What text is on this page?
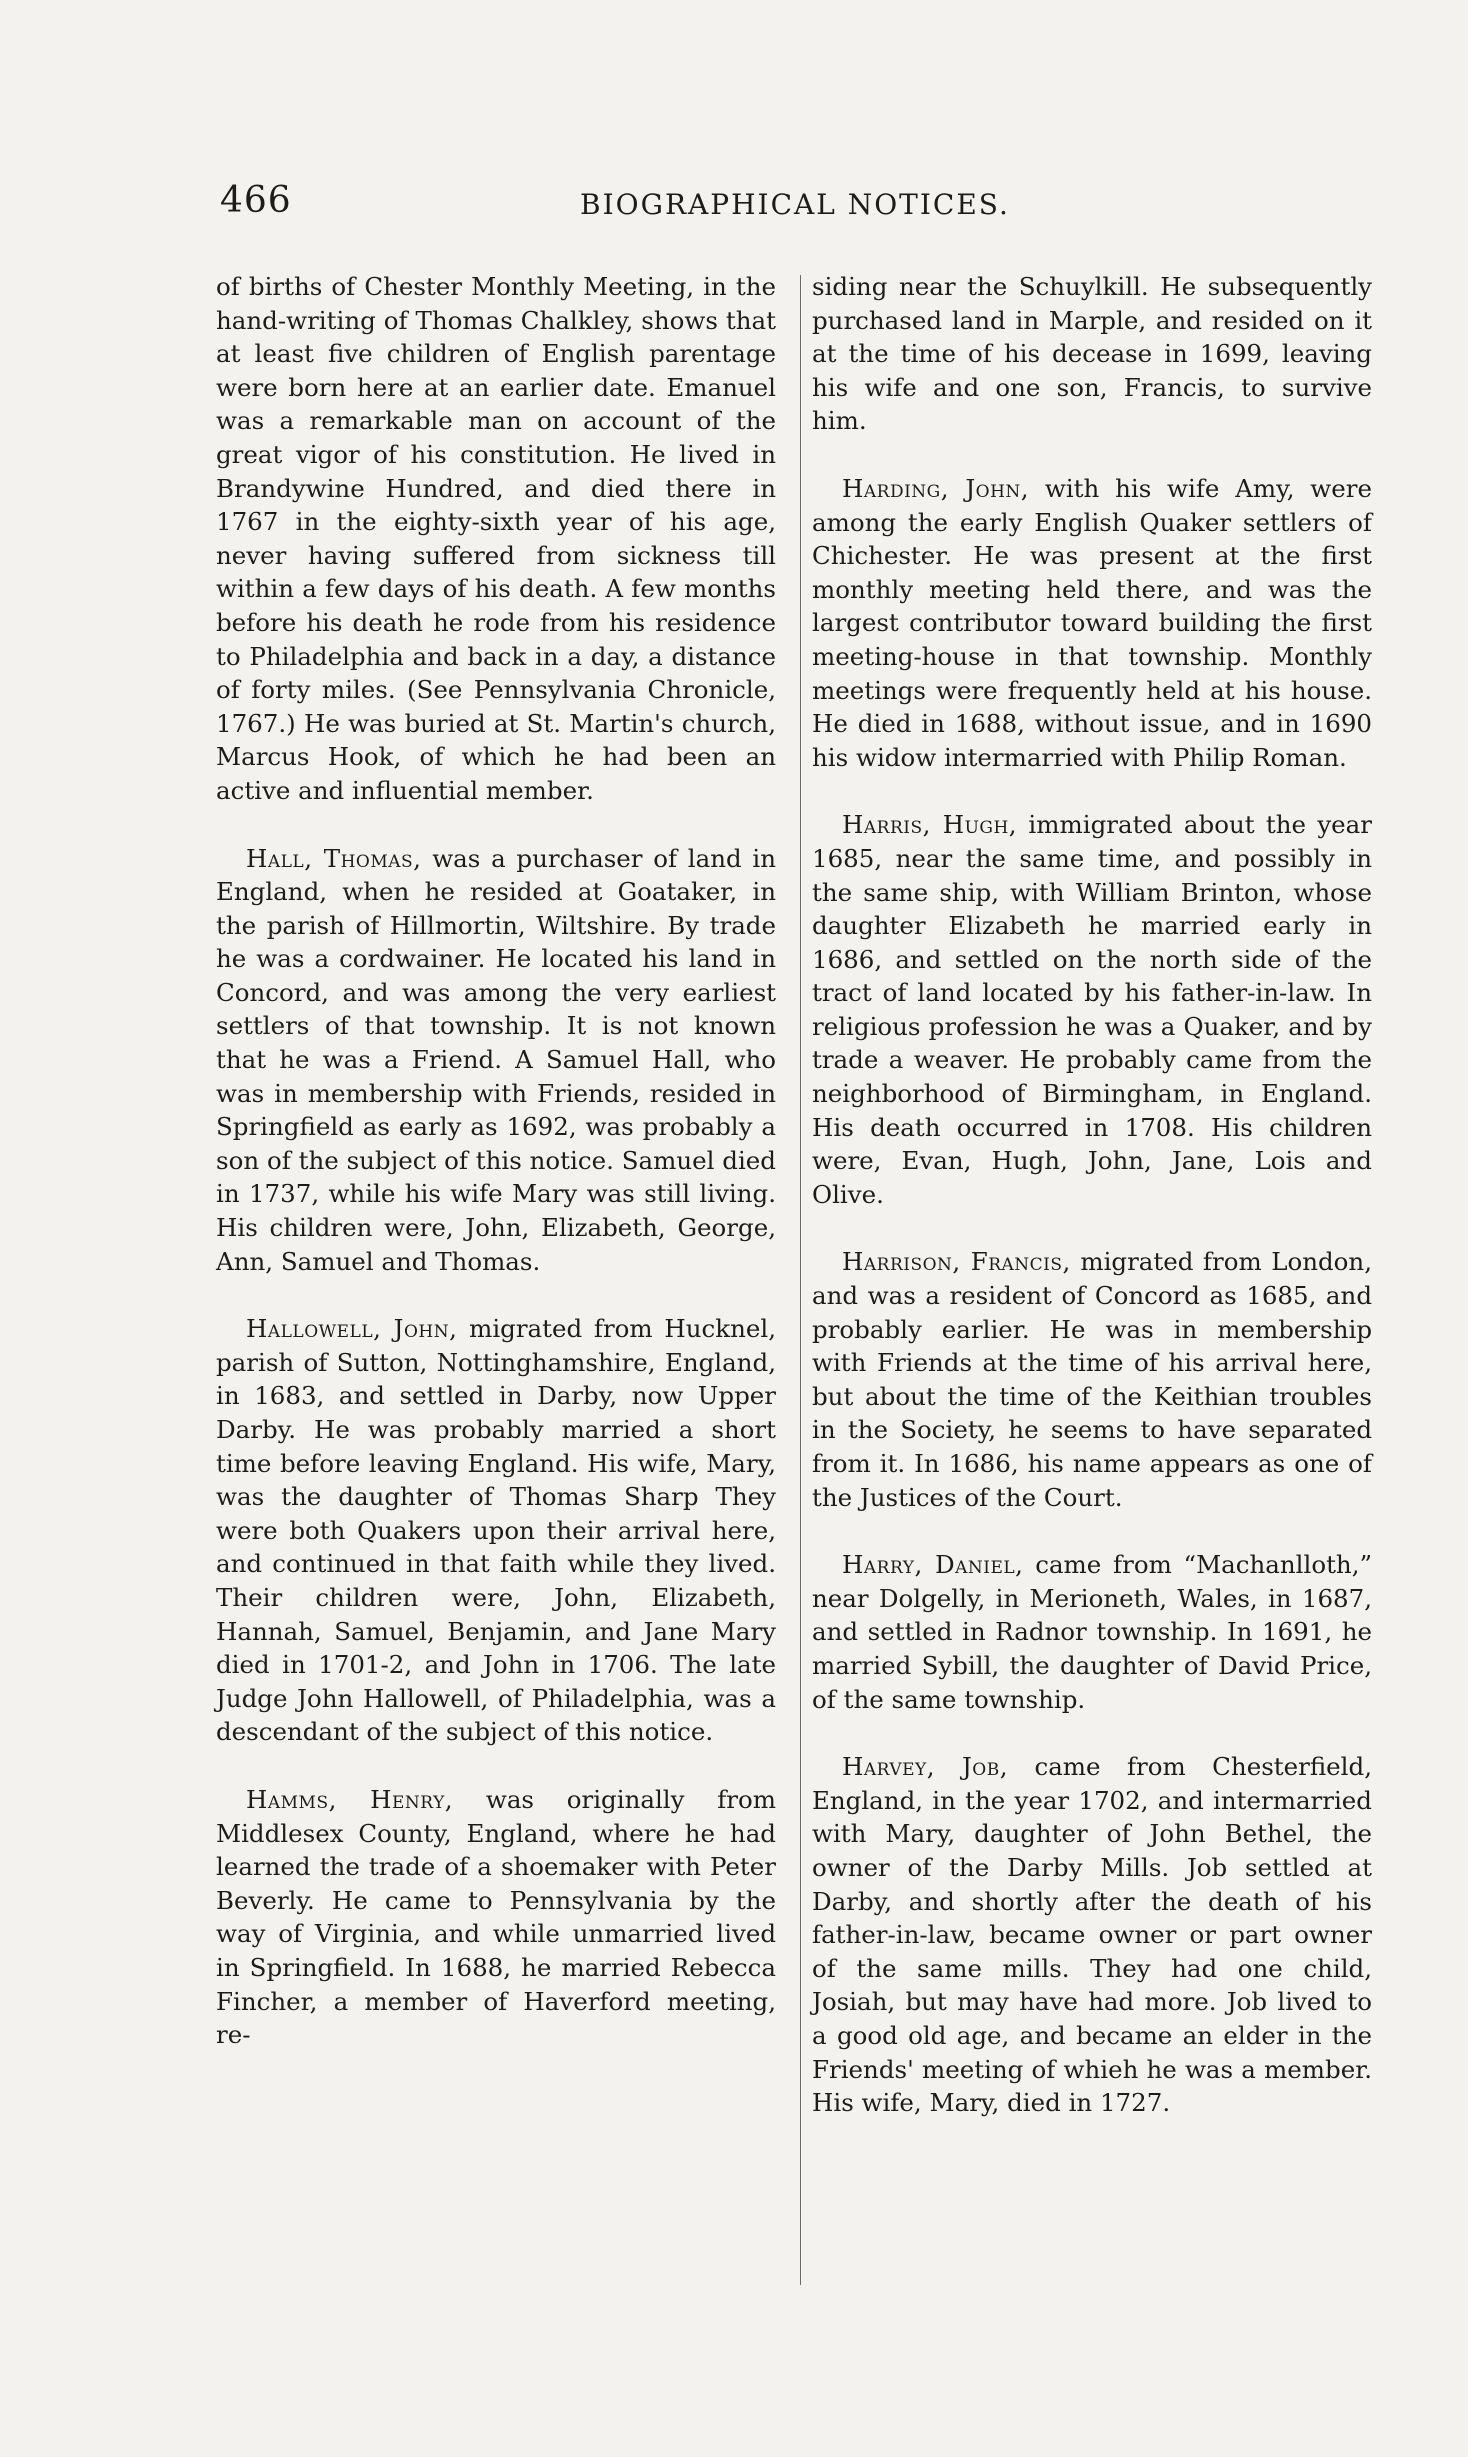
466	BIOGRAPHICAL NOTICES.

of births of Chester Monthly Meeting, in the hand-writing of Thomas Chalkley, shows that at least five children of English parentage were born here at an earlier date. Emanuel was a remarkable man on account of the great vigor of his constitution. He lived in Brandywine Hundred, and died there in 1767 in the eighty-sixth year of his age, never having suffered from sickness till within a few days of his death. A few months before his death he rode from his residence to Philadelphia and back in a day, a distance of forty miles. (See Pennsylvania Chronicle, 1767.) He was buried at St. Martin's church, Marcus Hook, of which he had been an active and influential member.

Hall, Thomas, was a purchaser of land in England, when he resided at Goataker, in the parish of Hillmortin, Wiltshire. By trade he was a cordwainer. He located his land in Concord, and was among the very earliest settlers of that township. It is not known that he was a Friend. A Samuel Hall, who was in membership with Friends, resided in Springfield as early as 1692, was probably a son of the subject of this notice. Samuel died in 1737, while his wife Mary was still living. His children were, John, Elizabeth, George, Ann, Samuel and Thomas.

Hallowell, John, migrated from Hucknel, parish of Sutton, Nottinghamshire, England, in 1683, and settled in Darby, now Upper Darby. He was probably married a short time before leaving England. His wife, Mary, was the daughter of Thomas Sharp They were both Quakers upon their arrival here, and continued in that faith while they lived. Their children were, John, Elizabeth, Hannah, Samuel, Benjamin, and Jane Mary died in 1701-2, and John in 1706. The late Judge John Hallowell, of Philadelphia, was a descendant of the subject of this notice.

Hamms, Henry, was originally from Middlesex County, England, where he had learned the trade of a shoemaker with Peter Beverly. He came to Pennsylvania by the way of Virginia, and while unmarried lived in Springfield. In 1688, he married Rebecca Fincher, a member of Haverford meeting, re-

siding near the Schuylkill. He subsequently purchased land in Marple, and resided on it at the time of his decease in 1699, leaving his wife and one son, Francis, to survive him.

Harding, John, with his wife Amy, were among the early English Quaker settlers of Chichester. He was present at the first monthly meeting held there, and was the largest contributor toward building the first meeting-house in that township. Monthly meetings were frequently held at his house. He died in 1688, without issue, and in 1690 his widow intermarried with Philip Roman.

Harris, Hugh, immigrated about the year 1685, near the same time, and possibly in the same ship, with William Brinton, whose daughter Elizabeth he married early in 1686, and settled on the north side of the tract of land located by his father-in-law. In religious profession he was a Quaker, and by trade a weaver. He probably came from the neighborhood of Birmingham, in England. His death occurred in 1708. His children were, Evan, Hugh, John, Jane, Lois and Olive.

Harrison, Francis, migrated from London, and was a resident of Concord as 1685, and probably earlier. He was in membership with Friends at the time of his arrival here, but about the time of the Keithian troubles in the Society, he seems to have separated from it. In 1686, his name appears as one of the Justices of the Court.

Harry, Daniel, came from “Machanlloth,” near Dolgelly, in Merioneth, Wales, in 1687, and settled in Radnor township. In 1691, he married Sybill, the daughter of David Price, of the same township.

Harvey, Job, came from Chesterfield, England, in the year 1702, and intermarried with Mary, daughter of John Bethel, the owner of the Darby Mills. Job settled at Darby, and shortly after the death of his father-in-law, became owner or part owner of the same mills. They had one child, Josiah, but may have had more. Job lived to a good old age, and became an elder in the Friends' meeting of whieh he was a member. His wife, Mary, died in 1727.
